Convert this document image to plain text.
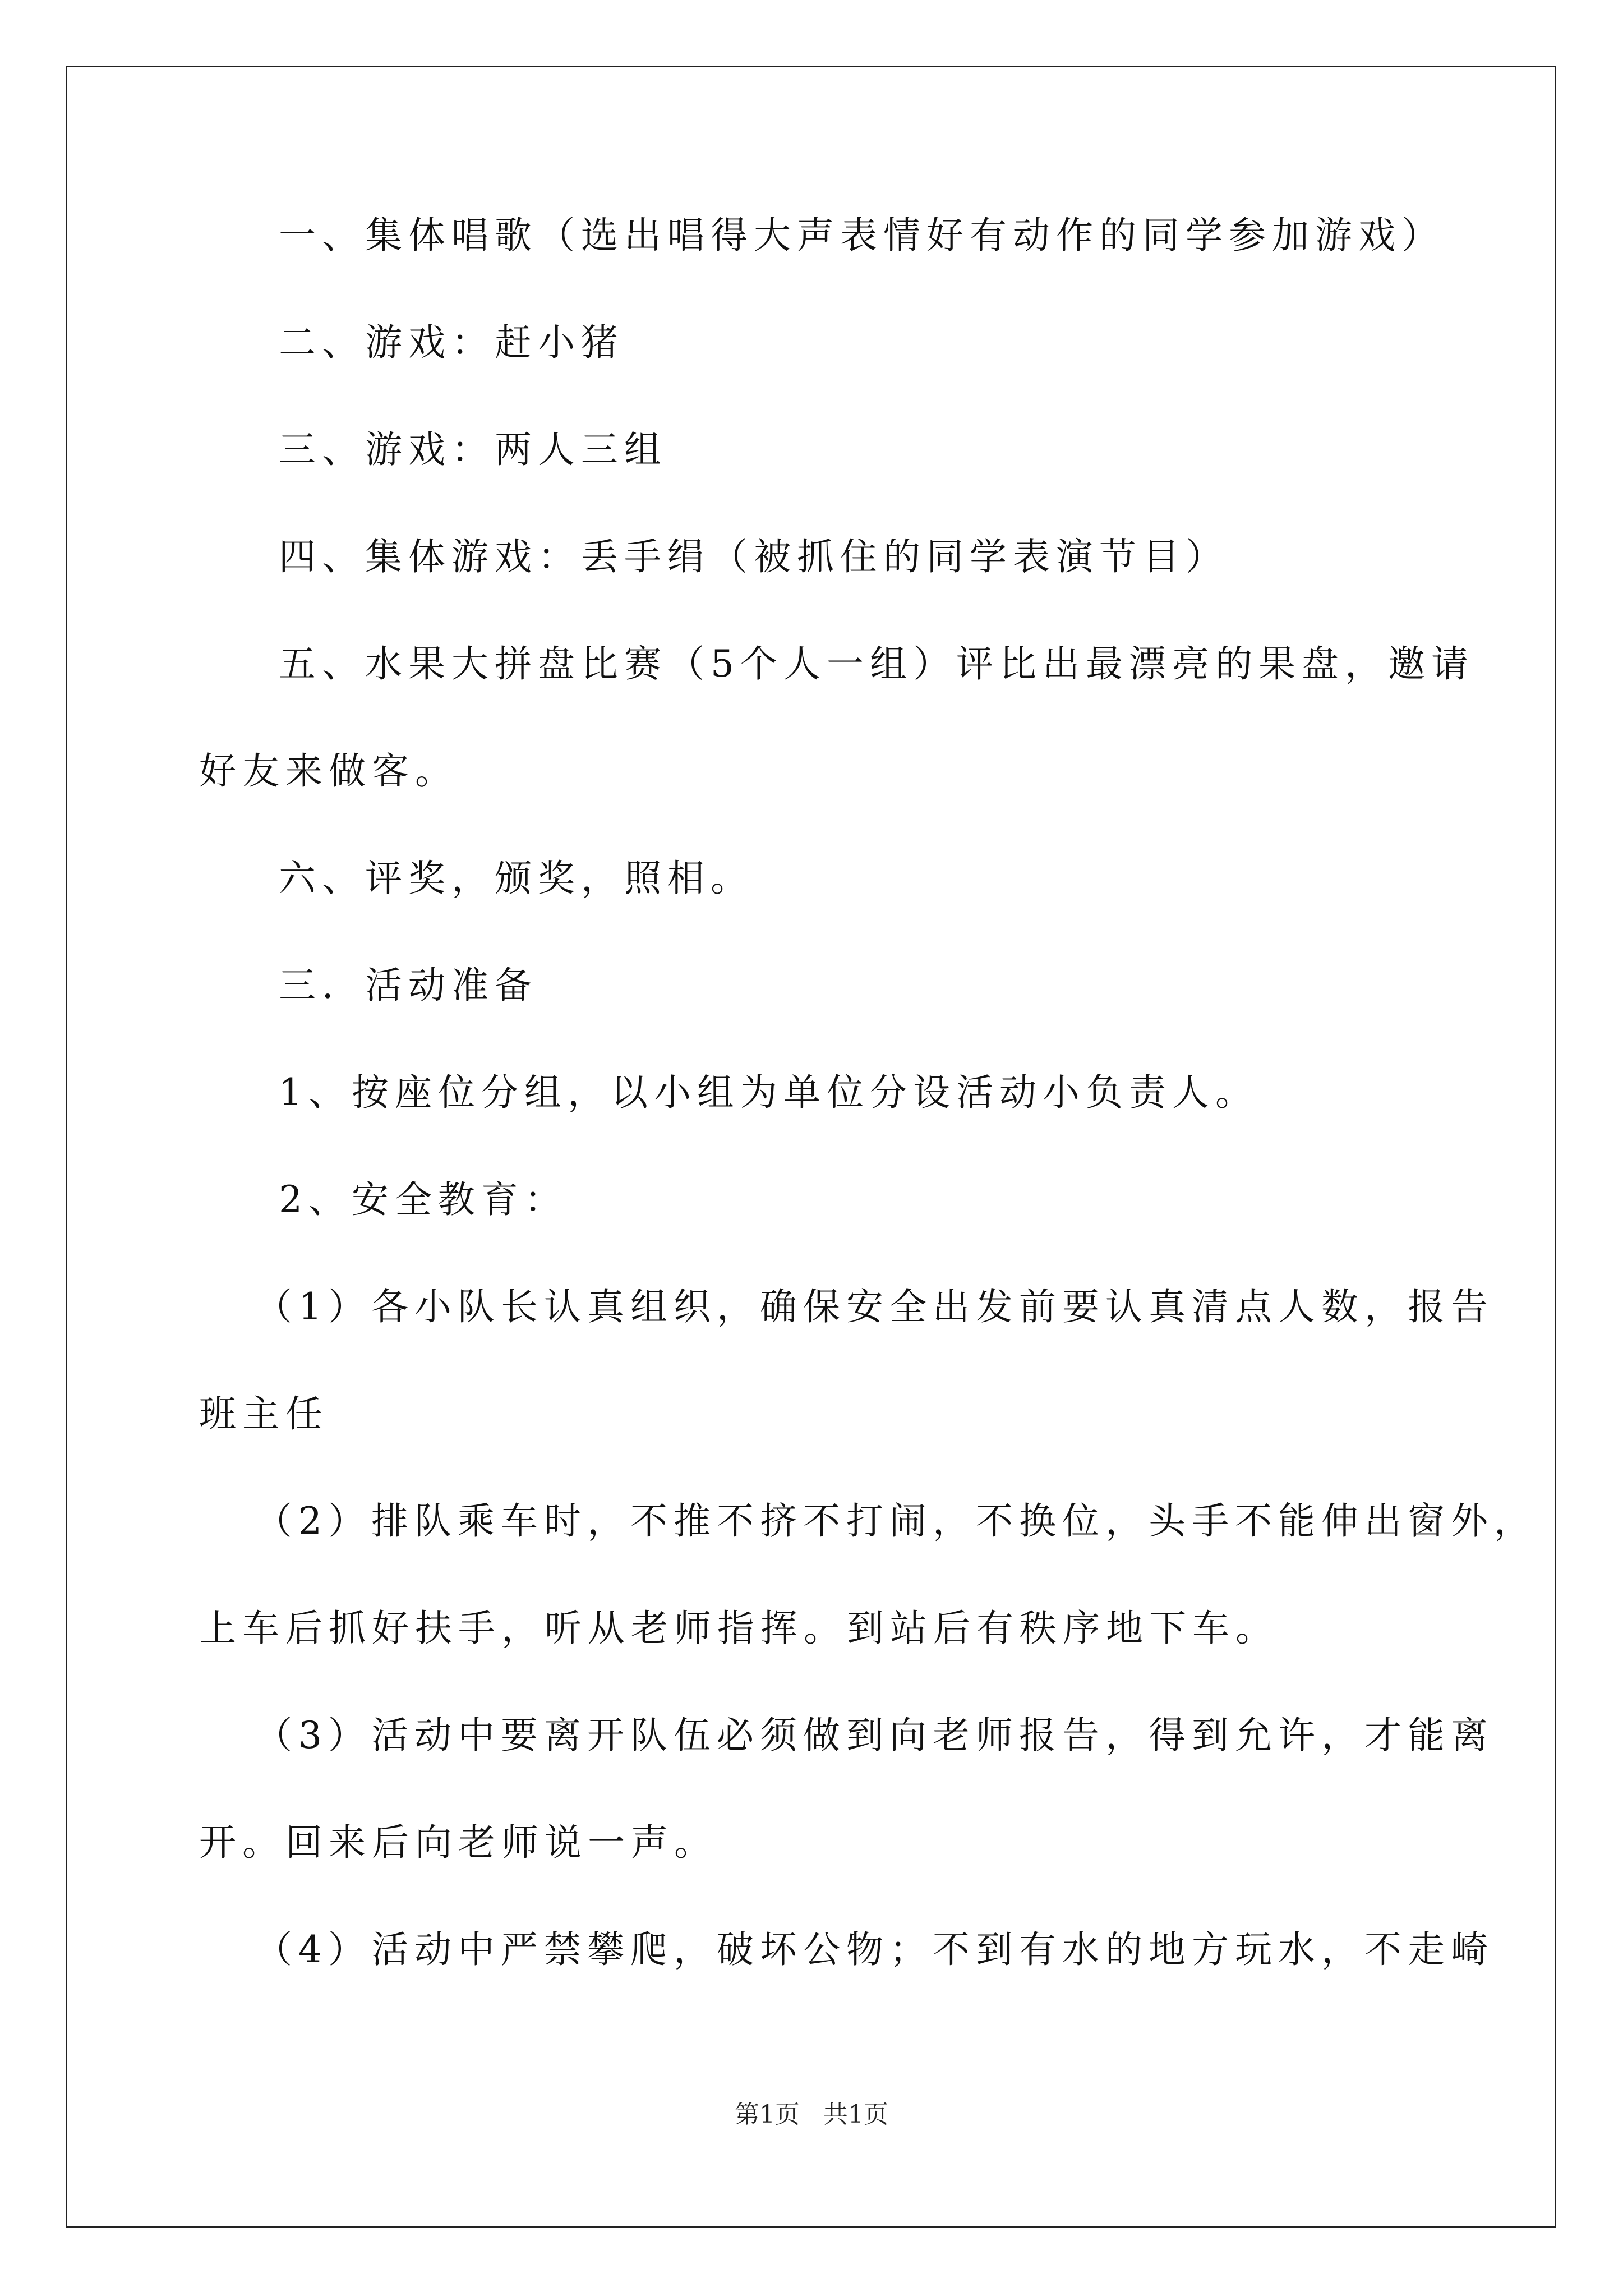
一、集体唱歌（选出唱得大声表情好有动作的同学参加游戏）
二、游戏：赶小猪
三、游戏：两人三组
四、集体游戏：丢手绢（被抓住的同学表演节目）
五、水果大拼盘比赛（5个人一组）评比出最漂亮的果盘，邀请
好友来做客。
六、评奖，颁奖，照相。
三．活动准备
1、按座位分组，以小组为单位分设活动小负责人。
2、安全教育：
（1）各小队长认真组织，确保安全出发前要认真清点人数，报告
班主任
（2）排队乘车时，不推不挤不打闹，不换位，头手不能伸出窗外，
上车后抓好扶手，听从老师指挥。到站后有秩序地下车。
（3）活动中要离开队伍必须做到向老师报告，得到允许，才能离
开。回来后向老师说一声。
（4）活动中严禁攀爬，破坏公物；不到有水的地方玩水，不走崎
第1页 共1页
